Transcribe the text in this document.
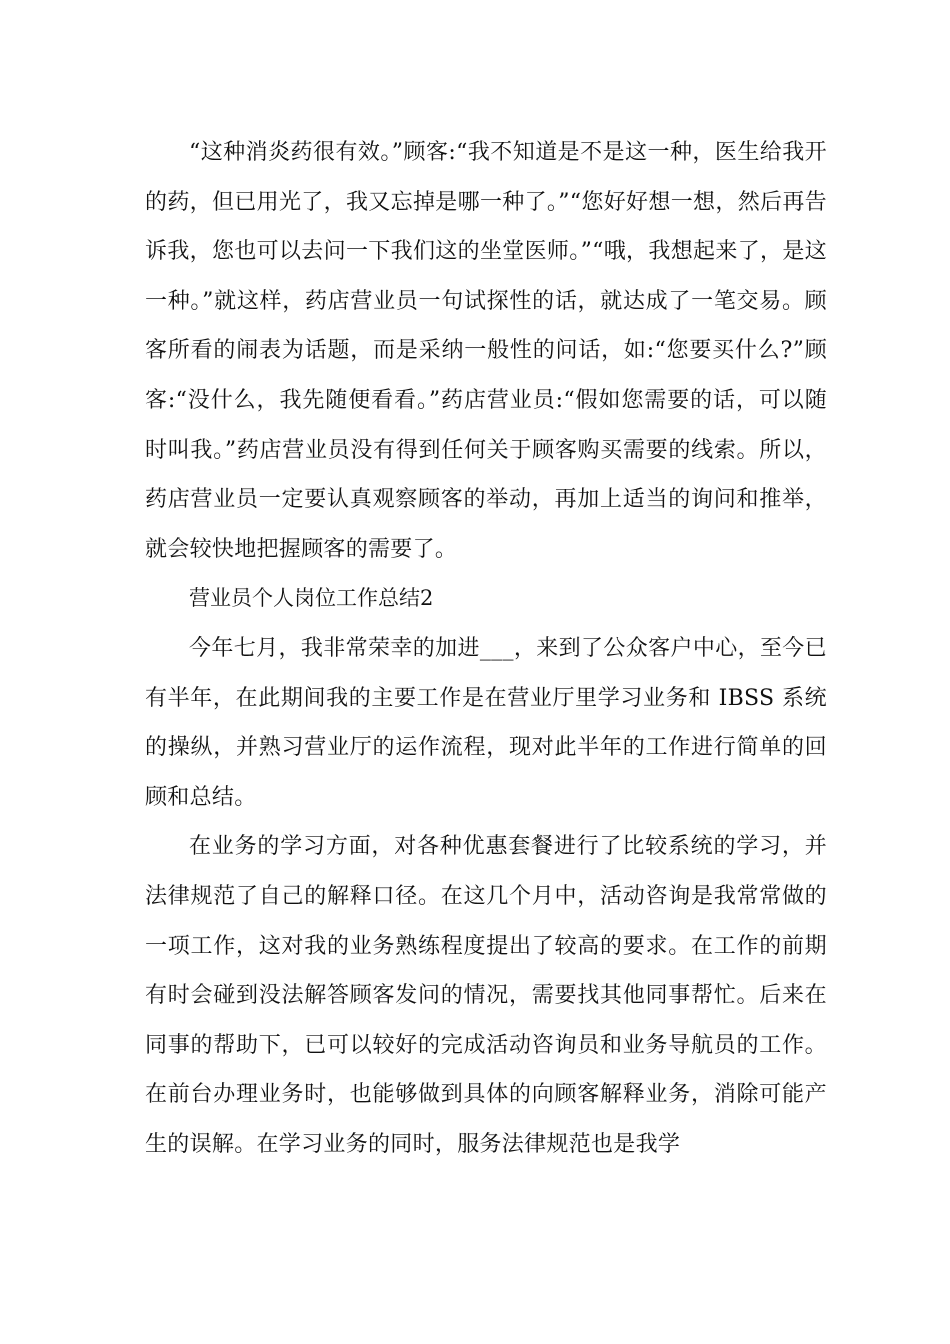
“这种消炎药很有效。”顾客:“我不知道是不是这一种，医生给我开的药，但已用光了，我又忘掉是哪一种了。”“您好好想一想，然后再告诉我，您也可以去问一下我们这的坐堂医师。”“哦，我想起来了，是这一种。”就这样，药店营业员一句试探性的话，就达成了一笔交易。顾客所看的闹表为话题，而是采纳一般性的问话，如:“您要买什么?”顾客:“没什么，我先随便看看。”药店营业员:“假如您需要的话，可以随时叫我。”药店营业员没有得到任何关于顾客购买需要的线索。所以，药店营业员一定要认真观察顾客的举动，再加上适当的询问和推举，就会较快地把握顾客的需要了。

营业员个人岗位工作总结2

今年七月，我非常荣幸的加进___，来到了公众客户中心，至今已有半年，在此期间我的主要工作是在营业厅里学习业务和 IBSS 系统的操纵，并熟习营业厅的运作流程，现对此半年的工作进行简单的回顾和总结。

在业务的学习方面，对各种优惠套餐进行了比较系统的学习，并法律规范了自己的解释口径。在这几个月中，活动咨询是我常常做的一项工作，这对我的业务熟练程度提出了较高的要求。在工作的前期有时会碰到没法解答顾客发问的情况，需要找其他同事帮忙。后来在同事的帮助下，已可以较好的完成活动咨询员和业务导航员的工作。在前台办理业务时，也能够做到具体的向顾客解释业务，消除可能产生的误解。在学习业务的同时，服务法律规范也是我学
